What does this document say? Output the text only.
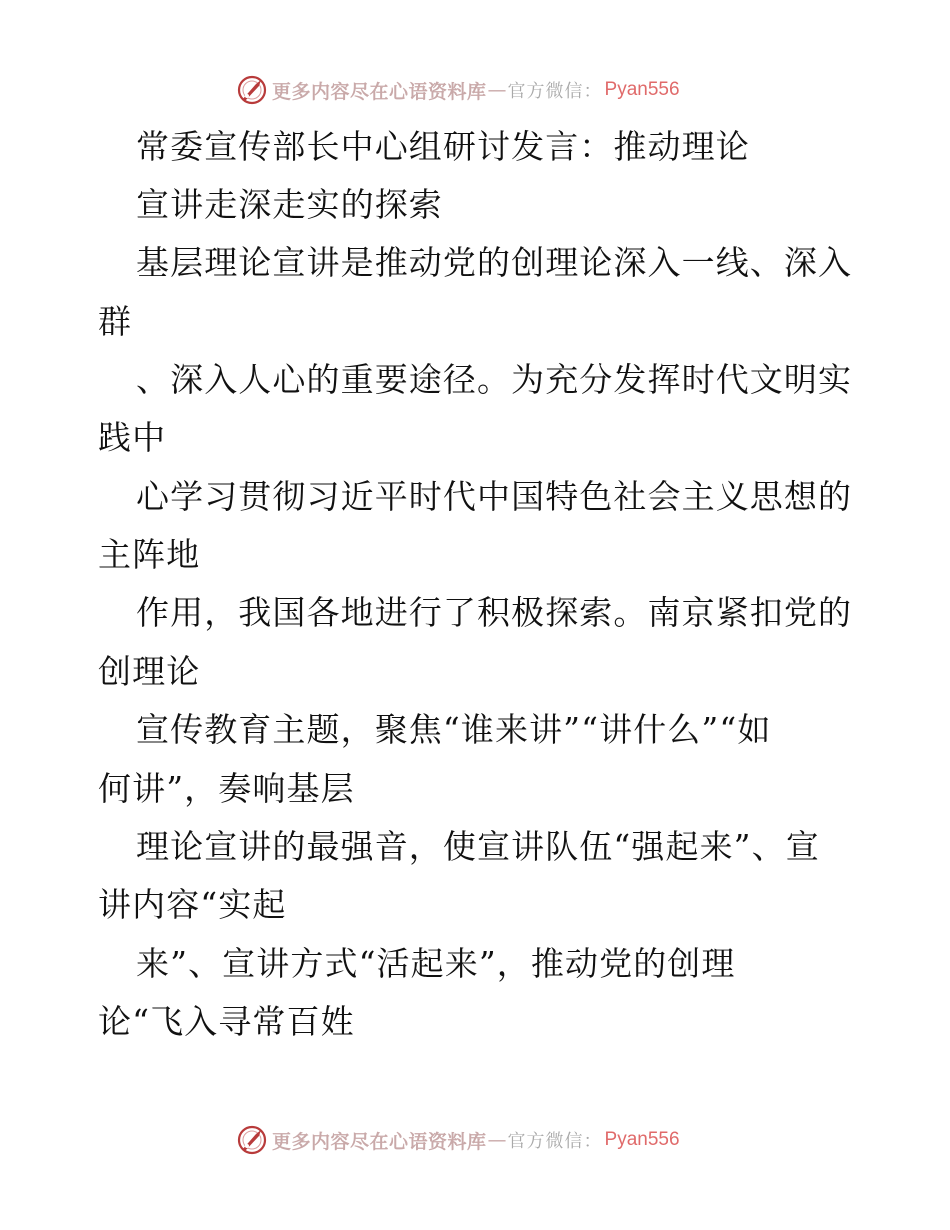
更多内容尽在心语资料库 — 官方微信： Pyan556
常委宣传部长中心组研讨发言：推动理论
宣讲走深走实的探索
基层理论宣讲是推动党的创理论深入一线、深入
群
、深入人心的重要途径。为充分发挥时代文明实
践中
心学习贯彻习近平时代中国特色社会主义思想的
主阵地
作用，我国各地进行了积极探索。南京紧扣党的
创理论
宣传教育主题，聚焦“谁来讲”“讲什么”“如
何讲”，奏响基层
理论宣讲的最强音，使宣讲队伍“强起来”、宣
讲内容“实起
来”、宣讲方式“活起来”，推动党的创理
论“飞入寻常百姓
更多内容尽在心语资料库 — 官方微信： Pyan556
